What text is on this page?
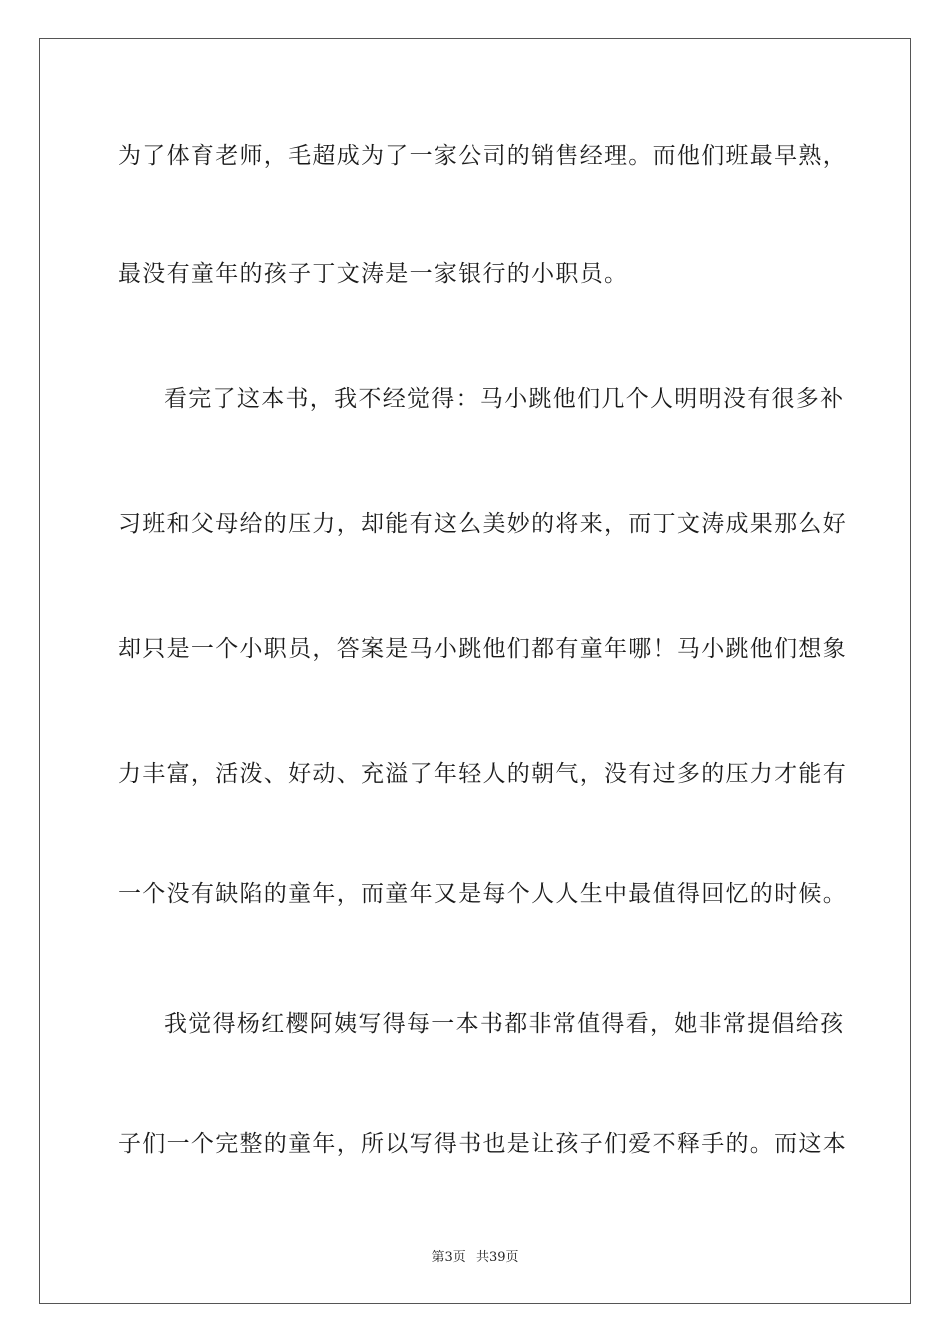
为了体育老师，毛超成为了一家公司的销售经理。而他们班最早熟，
最没有童年的孩子丁文涛是一家银行的小职员。
看完了这本书，我不经觉得：马小跳他们几个人明明没有很多补
习班和父母给的压力，却能有这么美妙的将来，而丁文涛成果那么好
却只是一个小职员，答案是马小跳他们都有童年哪！马小跳他们想象
力丰富，活泼、好动、充溢了年轻人的朝气，没有过多的压力才能有
一个没有缺陷的童年，而童年又是每个人人生中最值得回忆的时候。
我觉得杨红樱阿姨写得每一本书都非常值得看，她非常提倡给孩
子们一个完整的童年，所以写得书也是让孩子们爱不释手的。而这本
第3页 共39页
